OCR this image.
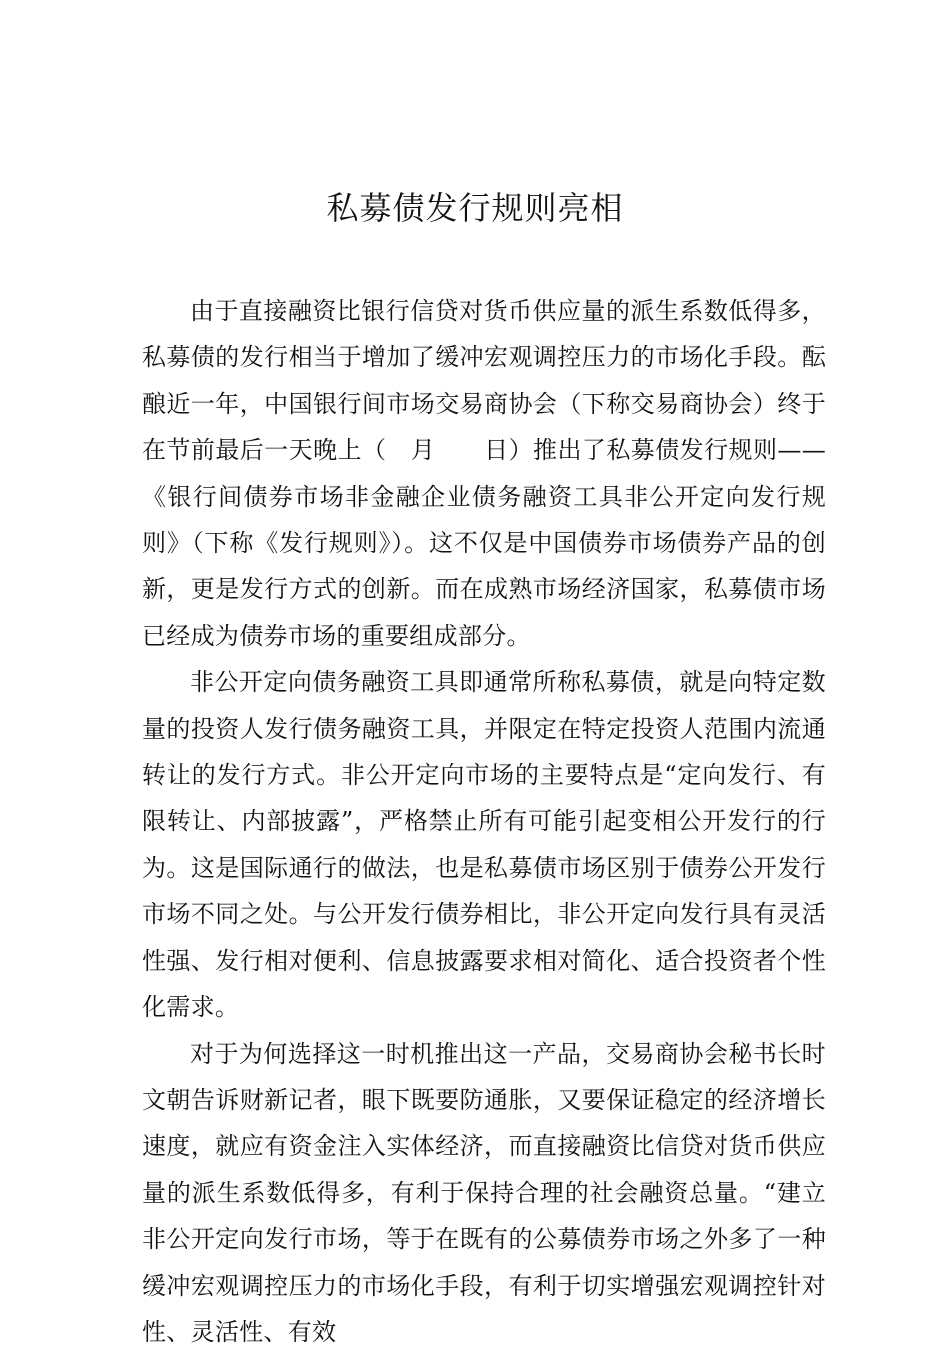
私募债发行规则亮相

由于直接融资比银行信贷对货币供应量的派生系数低得多，私募债的发行相当于增加了缓冲宏观调控压力的市场化手段。酝酿近一年，中国银行间市场交易商协会（下称交易商协会）终于在节前最后一天晚上（　月　　日）推出了私募债发行规则——《银行间债券市场非金融企业债务融资工具非公开定向发行规则》（下称《发行规则》）。这不仅是中国债券市场债券产品的创新，更是发行方式的创新。而在成熟市场经济国家，私募债市场已经成为债券市场的重要组成部分。

非公开定向债务融资工具即通常所称私募债，就是向特定数量的投资人发行债务融资工具，并限定在特定投资人范围内流通转让的发行方式。非公开定向市场的主要特点是“定向发行、有限转让、内部披露”，严格禁止所有可能引起变相公开发行的行为。这是国际通行的做法，也是私募债市场区别于债券公开发行市场不同之处。与公开发行债券相比，非公开定向发行具有灵活性强、发行相对便利、信息披露要求相对简化、适合投资者个性化需求。

对于为何选择这一时机推出这一产品，交易商协会秘书长时文朝告诉财新记者，眼下既要防通胀，又要保证稳定的经济增长速度，就应有资金注入实体经济，而直接融资比信贷对货币供应量的派生系数低得多，有利于保持合理的社会融资总量。“建立非公开定向发行市场，等于在既有的公募债券市场之外多了一种缓冲宏观调控压力的市场化手段，有利于切实增强宏观调控针对性、灵活性、有效
